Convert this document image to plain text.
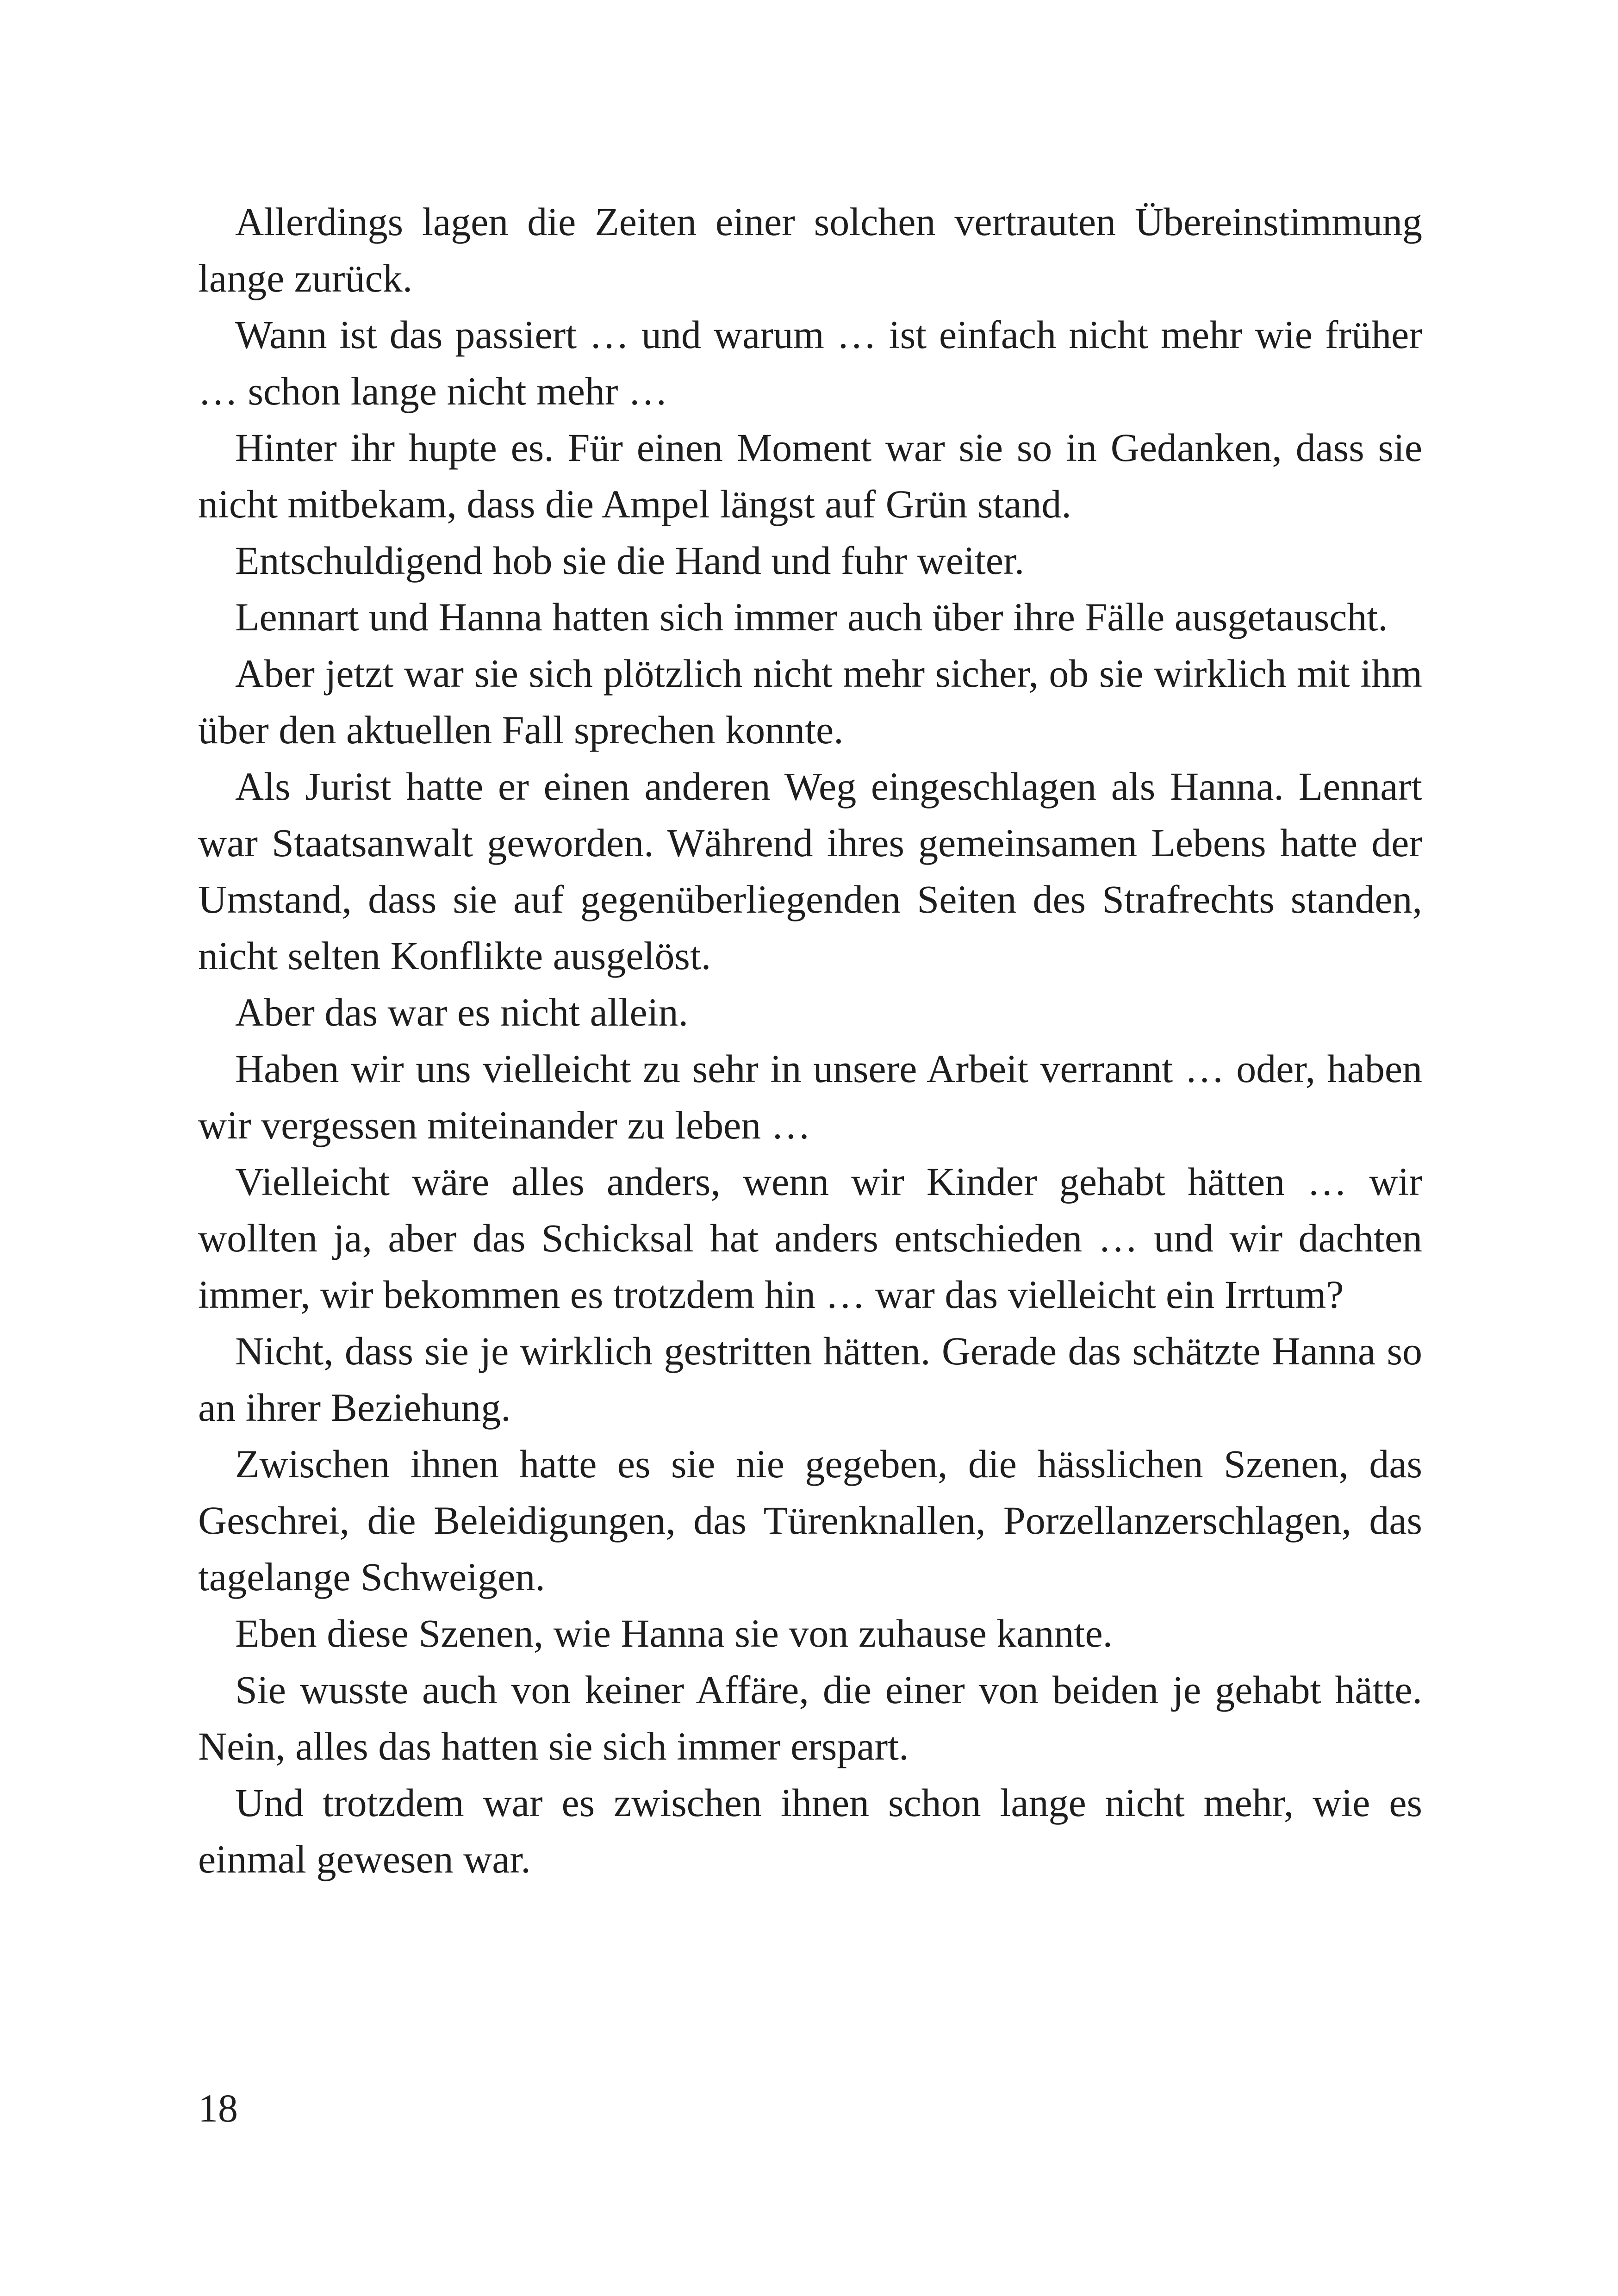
Allerdings lagen die Zeiten einer solchen vertrauten Übereinstimmung lange zurück.

Wann ist das passiert … und warum … ist einfach nicht mehr wie früher … schon lange nicht mehr …

Hinter ihr hupte es. Für einen Moment war sie so in Gedanken, dass sie nicht mitbekam, dass die Ampel längst auf Grün stand.

Entschuldigend hob sie die Hand und fuhr weiter.

Lennart und Hanna hatten sich immer auch über ihre Fälle ausgetauscht.

Aber jetzt war sie sich plötzlich nicht mehr sicher, ob sie wirklich mit ihm über den aktuellen Fall sprechen konnte.

Als Jurist hatte er einen anderen Weg eingeschlagen als Hanna. Lennart war Staatsanwalt geworden. Während ihres gemeinsamen Lebens hatte der Umstand, dass sie auf gegenüberliegenden Seiten des Strafrechts standen, nicht selten Konflikte ausgelöst.

Aber das war es nicht allein.

Haben wir uns vielleicht zu sehr in unsere Arbeit verrannt … oder, haben wir vergessen miteinander zu leben …

Vielleicht wäre alles anders, wenn wir Kinder gehabt hätten … wir wollten ja, aber das Schicksal hat anders entschieden … und wir dachten immer, wir bekommen es trotzdem hin … war das vielleicht ein Irrtum?

Nicht, dass sie je wirklich gestritten hätten. Gerade das schätzte Hanna so an ihrer Beziehung.

Zwischen ihnen hatte es sie nie gegeben, die hässlichen Szenen, das Geschrei, die Beleidigungen, das Türenknallen, Porzellanzerschlagen, das tagelange Schweigen.

Eben diese Szenen, wie Hanna sie von zuhause kannte.

Sie wusste auch von keiner Affäre, die einer von beiden je gehabt hätte. Nein, alles das hatten sie sich immer erspart.

Und trotzdem war es zwischen ihnen schon lange nicht mehr, wie es einmal gewesen war.

18
